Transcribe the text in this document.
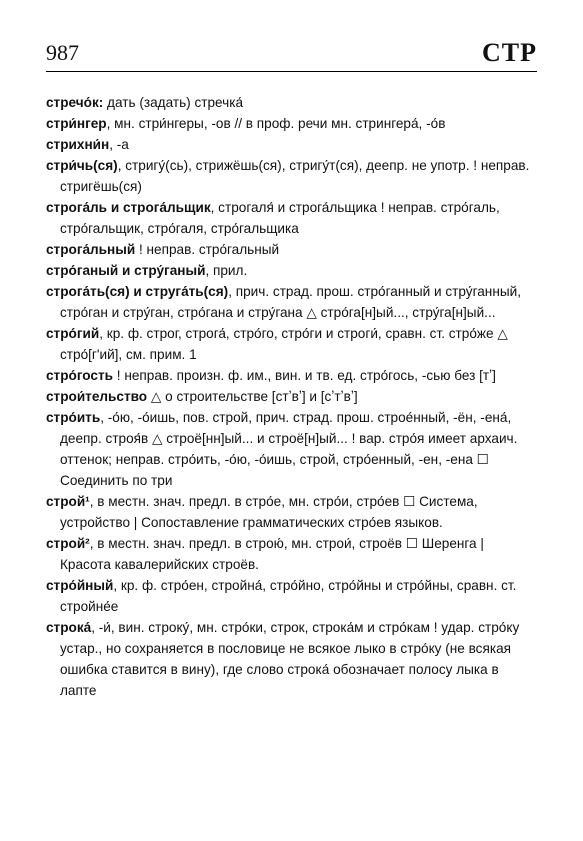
987	СТР

стречо́к: дать (задать) стречка́

стри́нгер, мн. стри́нгеры, -ов // в проф. речи мн. стрингера́, -о́в

стрихни́н, -а

стри́чь(ся), стригу́(сь), стрижёшь(ся), стригу́т(ся), деепр. не употр. ! неправ. стригёшь(ся)

строга́ль и строга́льщик, строгаля́ и строга́льщика ! неправ. стро́галь, стро́гальщик, стро́галя, стро́гальщика

строга́льный ! неправ. стро́гальный

стро́ганый и стру́ганый, прил.

строга́ть(ся) и струга́ть(ся), прич. страд. прош. стро́ганный и стру́ганный, стро́ган и стру́ган, стро́гана и стру́гана △ стро́га[н]ый..., стру́га[н]ый...

стро́гий, кр. ф. строг, строга́, стро́го, стро́ги и строги́, сравн. ст. стро́же △ стро́[г'ий], см. прим. 1

стро́гость ! неправ. произн. ф. им., вин. и тв. ед. стро́гось, -сью без [тʼ]

строи́тельство △ о строительстве [стʼвʼ] и [сʼтʼвʼ]

стро́ить, -о́ю, -о́ишь, пов. строй, прич. страд. прош. строе́нный, -ён, -ена́, деепр. строя́в △ строё[нн]ый... и строё[н]ый... ! вар. стро́я имеет архаич. оттенок; неправ. стро́ить, -о́ю, -о́ишь, строй, стро́енный, -ен, -ена ☐ Соединить по три

строй¹, в местн. знач. предл. в стро́е, мн. стро́и, стро́ев ☐ Система, устройство | Сопоставление грамматических стро́ев языков.

строй², в местн. знач. предл. в строю́, мн. строи́, строёв ☐ Шеренга | Красота кавалерийских строёв.

стро́йный, кр. ф. стро́ен, стройна́, стро́йно, стро́йны и стро́йны, сравн. ст. стройне́е

строка́, -и́, вин. строку́, мн. стро́ки, строк, строка́м и стро́кам ! удар. стро́ку устар., но сохраняется в пословице не всякое лыко в стро́ку (не всякая ошибка ставится в вину), где слово строка́ обозначает полосу лыка в лапте
